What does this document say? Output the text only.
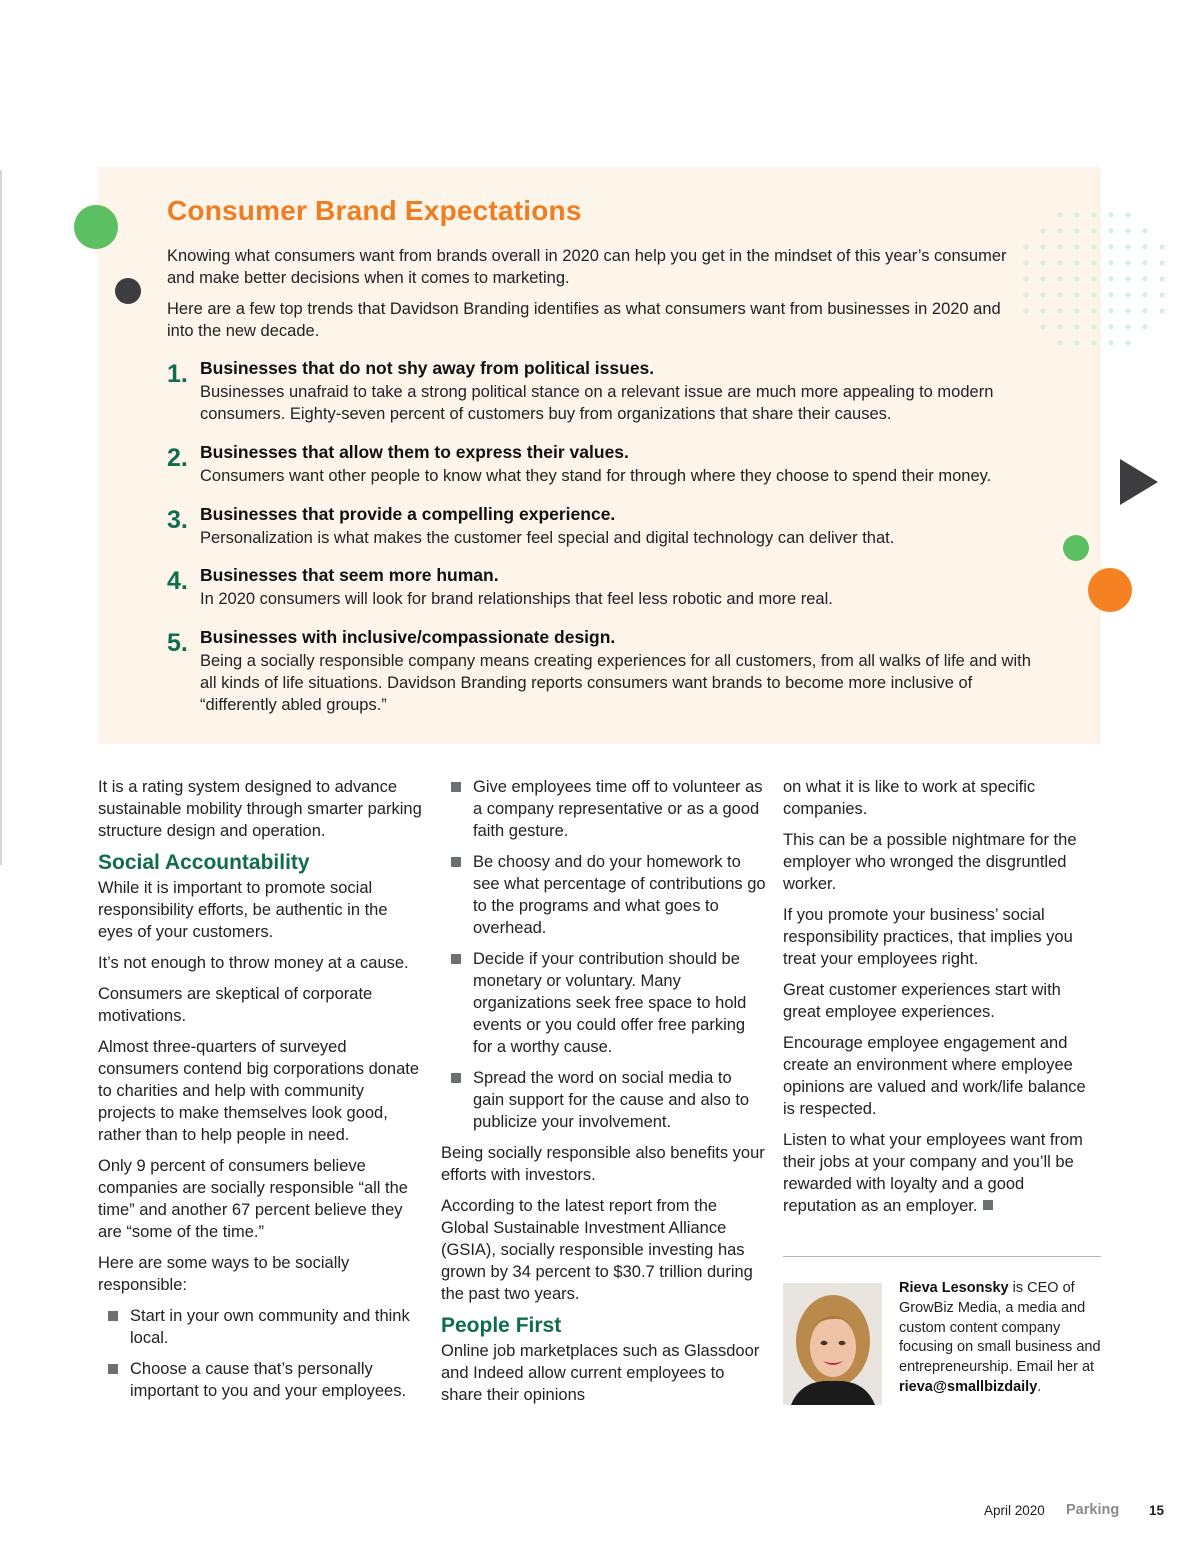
Consumer Brand Expectations

Knowing what consumers want from brands overall in 2020 can help you get in the mindset of this year’s consumer and make better decisions when it comes to marketing.

Here are a few top trends that Davidson Branding identifies as what consumers want from businesses in 2020 and into the new decade.

1. Businesses that do not shy away from political issues.

Businesses unafraid to take a strong political stance on a relevant issue are much more appealing to modern consumers. Eighty-seven percent of customers buy from organizations that share their causes.

2. Businesses that allow them to express their values.

Consumers want other people to know what they stand for through where they choose to spend their money.

3. Businesses that provide a compelling experience.

Personalization is what makes the customer feel special and digital technology can deliver that.

4. Businesses that seem more human.

In 2020 consumers will look for brand relationships that feel less robotic and more real.

5. Businesses with inclusive/compassionate design.

Being a socially responsible company means creating experiences for all customers, from all walks of life and with all kinds of life situations. Davidson Branding reports consumers want brands to become more inclusive of “differently abled groups.”

It is a rating system designed to advance sustainable mobility through smarter parking structure design and operation.

Social Accountability

While it is important to promote social responsibility efforts, be authentic in the eyes of your customers.

It’s not enough to throw money at a cause.

Consumers are skeptical of corporate motivations.

Almost three-quarters of surveyed consumers contend big corporations donate to charities and help with community projects to make themselves look good, rather than to help people in need.

Only 9 percent of consumers believe companies are socially responsible “all the time” and another 67 percent believe they are “some of the time.”

Here are some ways to be socially responsible:

Start in your own community and think local.
Choose a cause that’s personally important to you and your employees.
Give employees time off to volunteer as a company representative or as a good faith gesture.
Be choosy and do your homework to see what percentage of contributions go to the programs and what goes to overhead.
Decide if your contribution should be monetary or voluntary. Many organizations seek free space to hold events or you could offer free parking for a worthy cause.
Spread the word on social media to gain support for the cause and also to publicize your involvement.

Being socially responsible also benefits your efforts with investors.

According to the latest report from the Global Sustainable Investment Alliance (GSIA), socially responsible investing has grown by 34 percent to $30.7 trillion during the past two years.

People First

Online job marketplaces such as Glassdoor and Indeed allow current employees to share their opinions

on what it is like to work at specific companies.

This can be a possible nightmare for the employer who wronged the disgruntled worker.

If you promote your business’ social responsibility practices, that implies you treat your employees right.

Great customer experiences start with great employee experiences.

Encourage employee engagement and create an environment where employee opinions are valued and work/life balance is respected.

Listen to what your employees want from their jobs at your company and you’ll be rewarded with loyalty and a good reputation as an employer.

Rieva Lesonsky is CEO of GrowBiz Media, a media and custom content company focusing on small business and entrepreneurship. Email her at rieva@smallbizdaily.

April 2020 Parking 15
